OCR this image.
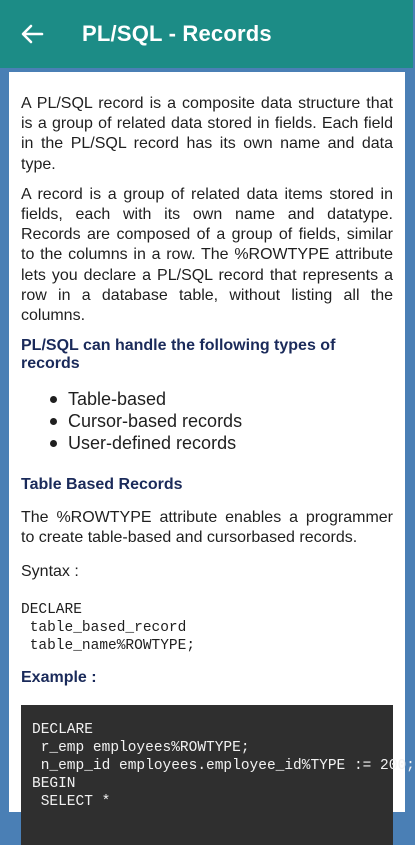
PL/SQL - Records

A PL/SQL record is a composite data structure that is a group of related data stored in fields. Each field in the PL/SQL record has its own name and data type.

A record is a group of related data items stored in fields, each with its own name and datatype. Records are composed of a group of fields, similar to the columns in a row. The %ROWTYPE attribute lets you declare a PL/SQL record that represents a row in a database table, without listing all the columns.

PL/SQL can handle the following types of records
Table-based
Cursor-based records
User-defined records
Table Based Records

The %ROWTYPE attribute enables a programmer to create table-based and cursorbased records.

Syntax :
DECLARE
table_based_record
table_name%ROWTYPE;
Example :
DECLARE
r_emp employees%ROWTYPE;
n_emp_id employees.employee_id%TYPE := 200;
BEGIN
SELECT *
